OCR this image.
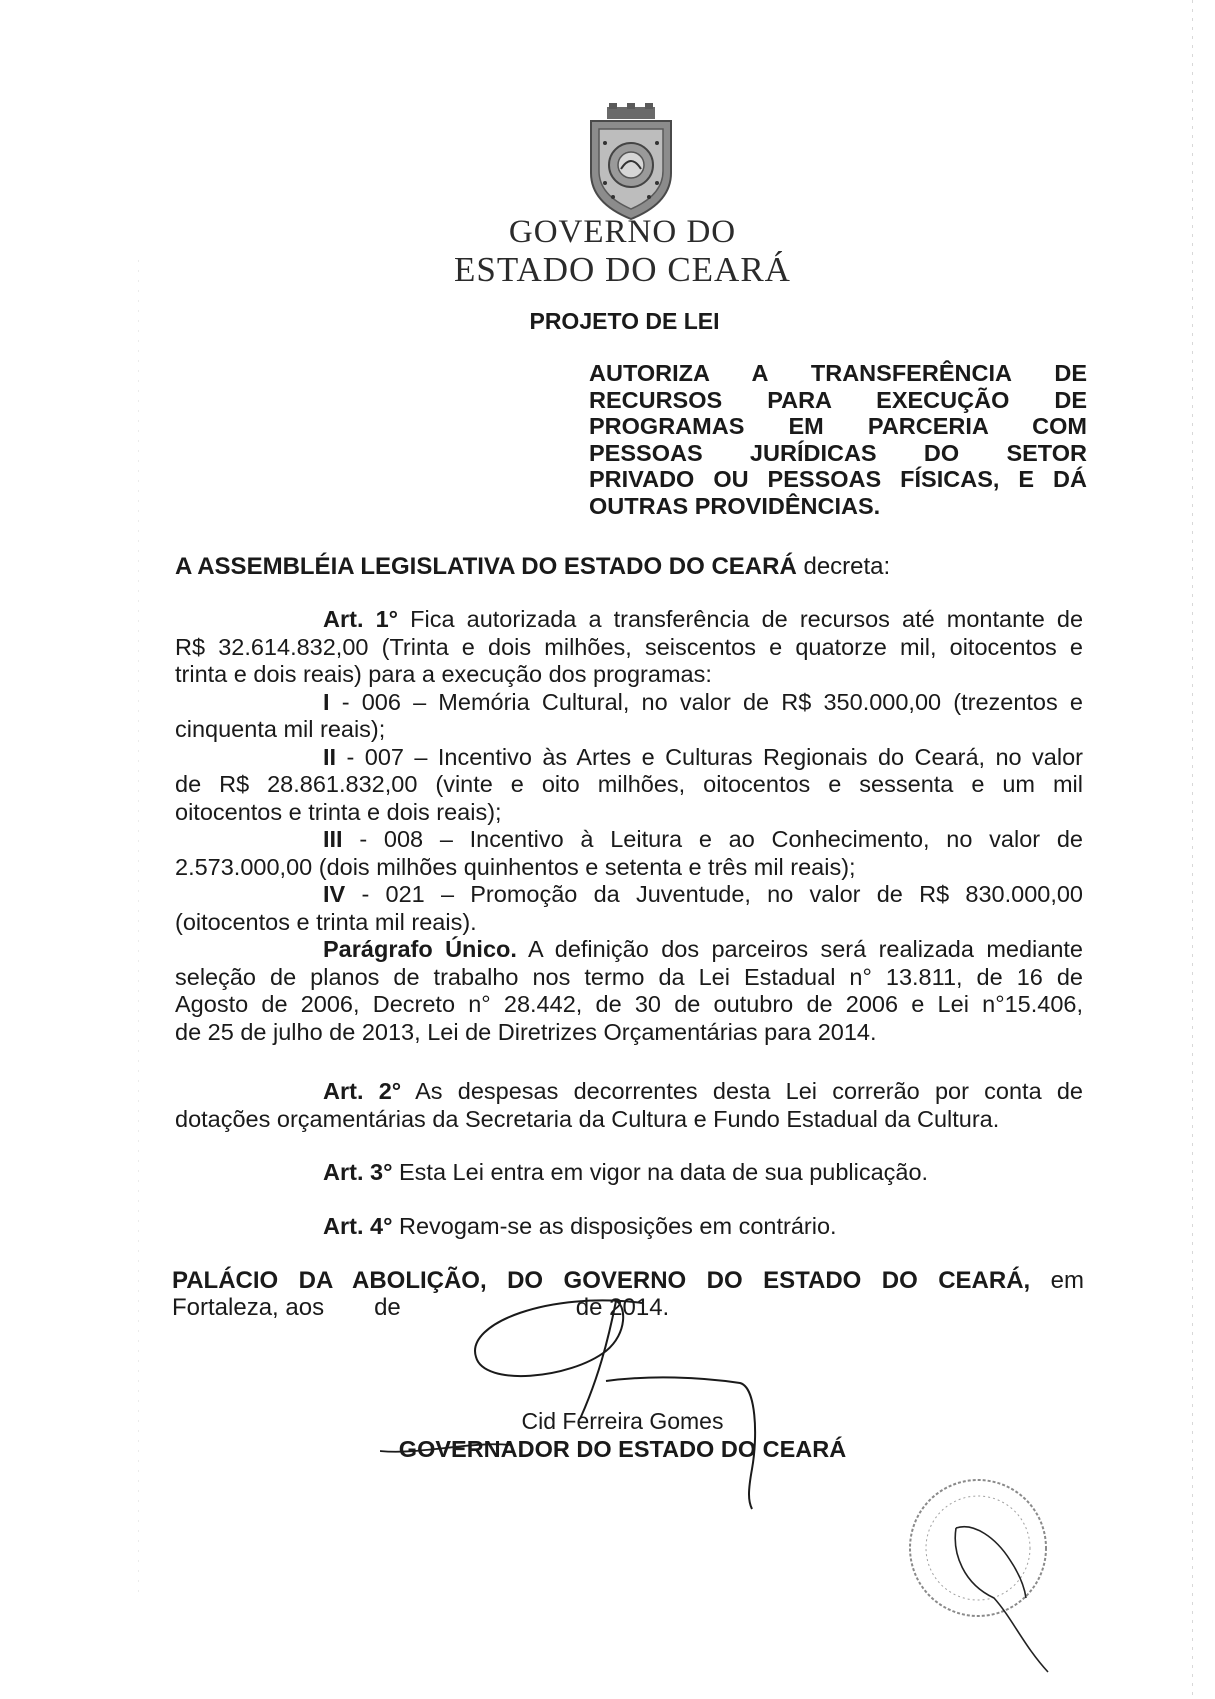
GOVERNO DO
ESTADO DO CEARÁ
PROJETO DE LEI
AUTORIZA A TRANSFERÊNCIA DE
RECURSOS PARA EXECUÇÃO DE
PROGRAMAS EM PARCERIA COM
PESSOAS JURÍDICAS DO SETOR
PRIVADO OU PESSOAS FÍSICAS, E DÁ
OUTRAS PROVIDÊNCIAS.
A ASSEMBLÉIA LEGISLATIVA DO ESTADO DO CEARÁ decreta:
Art. 1° Fica autorizada a transferência de recursos até montante de
R$ 32.614.832,00 (Trinta e dois milhões, seiscentos e quatorze mil, oitocentos e
trinta e dois reais) para a execução dos programas:
I - 006 – Memória Cultural, no valor de R$ 350.000,00 (trezentos e
cinquenta mil reais);
II - 007 – Incentivo às Artes e Culturas Regionais do Ceará, no valor
de R$ 28.861.832,00 (vinte e oito milhões, oitocentos e sessenta e um mil
oitocentos e trinta e dois reais);
III - 008 – Incentivo à Leitura e ao Conhecimento, no valor de
2.573.000,00 (dois milhões quinhentos e setenta e três mil reais);
IV - 021 – Promoção da Juventude, no valor de R$ 830.000,00
(oitocentos e trinta mil reais).
Parágrafo Único. A definição dos parceiros será realizada mediante
seleção de planos de trabalho nos termo da Lei Estadual n° 13.811, de 16 de
Agosto de 2006, Decreto n° 28.442, de 30 de outubro de 2006 e Lei n°15.406,
de 25 de julho de 2013, Lei de Diretrizes Orçamentárias para 2014.
Art. 2° As despesas decorrentes desta Lei correrão por conta de
dotações orçamentárias da Secretaria da Cultura e Fundo Estadual da Cultura.
Art. 3° Esta Lei entra em vigor na data de sua publicação.
Art. 4° Revogam-se as disposições em contrário.
PALÁCIO DA ABOLIÇÃO, DO GOVERNO DO ESTADO DO CEARÁ, em
Fortaleza, aos de	de 2014.
Cid Ferreira Gomes
GOVERNADOR DO ESTADO DO CEARÁ
